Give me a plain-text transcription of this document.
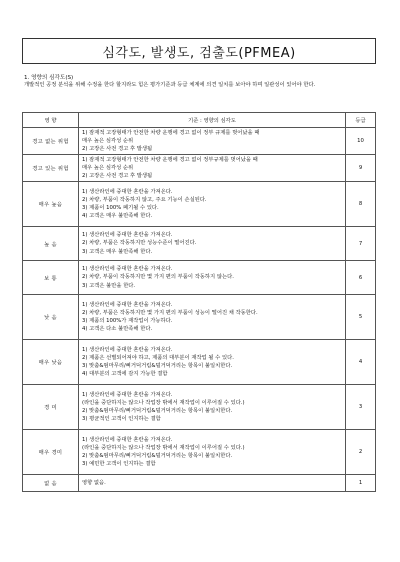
심각도, 발생도, 검출도(PFMEA)
1. 영향의 심각도(S)
개발적인 공정 분석을 위해 수정을 한다 할지라도 힘은 평가기준과 등급 체계에 의견 일치를 보아야 하며 일관성이 있어야 한다.
영 향	기준 : 영향의 심각도	등급
경고 없는 위험	1) 잠재적 고장형태가 안전한 차량 운행에 경고 없이 정부 규제를 벗어났을 때
매우 높은 심각성 순위
2) 고장은 사전 경고 후 발생됨	10
경고 있는 위험	1) 잠재적 고장형태가 안전한 차량 운행에 경고 없이 정부규제를 벗어났을 때
매우 높은 심각성 순위
2) 고장은 사전 경고 후 발생됨	9
매우 높음	1) 생산라인에 중대한 혼란을 가져온다.
2) 차량, 부품이 작동하지 않고, 주요 기능이 손실된다.
3) 제품이 100% 폐기될 수 있다.
4) 고객은 매우 불만족해 한다.	8
높 음	1) 생산라인에 중대한 혼란을 가져온다.
2) 차량, 부품은 작동하지만 성능수준이 떨어진다.
3) 고객은 매우 불만족해 한다.	7
보 통	1) 생산라인에 중대한 혼란을 가져온다.
2) 차량, 부품이 작동하지만 몇 가지 편의 부품이 작동하지 않는다.
3) 고객은 불만을 한다.	6
낮 음	1) 생산라인에 중대한 혼란을 가져온다.
2) 차량, 부품은 작동하지만 몇 가지 편의 부품이 성능이 떨어진 채 작동한다.
3) 제품의 100%가 재작업이 가능하다.
4) 고객은 다소 불만족해 한다.	5
매우 낮음	1) 생산라인에 중대한 혼란을 가져온다.
2) 제품은 선별되어져야 하고, 제품의 대부분이 재작업 될 수 있다.
3) 맞춤&펌마무리/삐거덕거림&덜거덕거리는 항목이 불일치한다.
4) 대부분의 고객에 감지 가능한 결함	4
경 미	1) 생산라인에 중대한 혼란을 가져온다.
(라인을 중단하지는 않으나 작업장 밖에서 재작업이 이루어질 수 있다.)
2) 맞춤&펌마무리/삐거덕거림&덜거덕거리는 항목이 불일치한다.
3) 평균적인 고객이 인지하는 결함	3
매우 경미	1) 생산라인에 중대한 혼란을 가져온다.
(라인을 중단하지는 않으나 작업장 밖에서 재작업이 이루어질 수 있다.)
2) 맞춤&펌마무리/삐거덕거림&덜거덕거리는 항목이 불일치한다.
3) 예민한 고객이 인지하는 결함	2
없 음	영향 없음.	1
